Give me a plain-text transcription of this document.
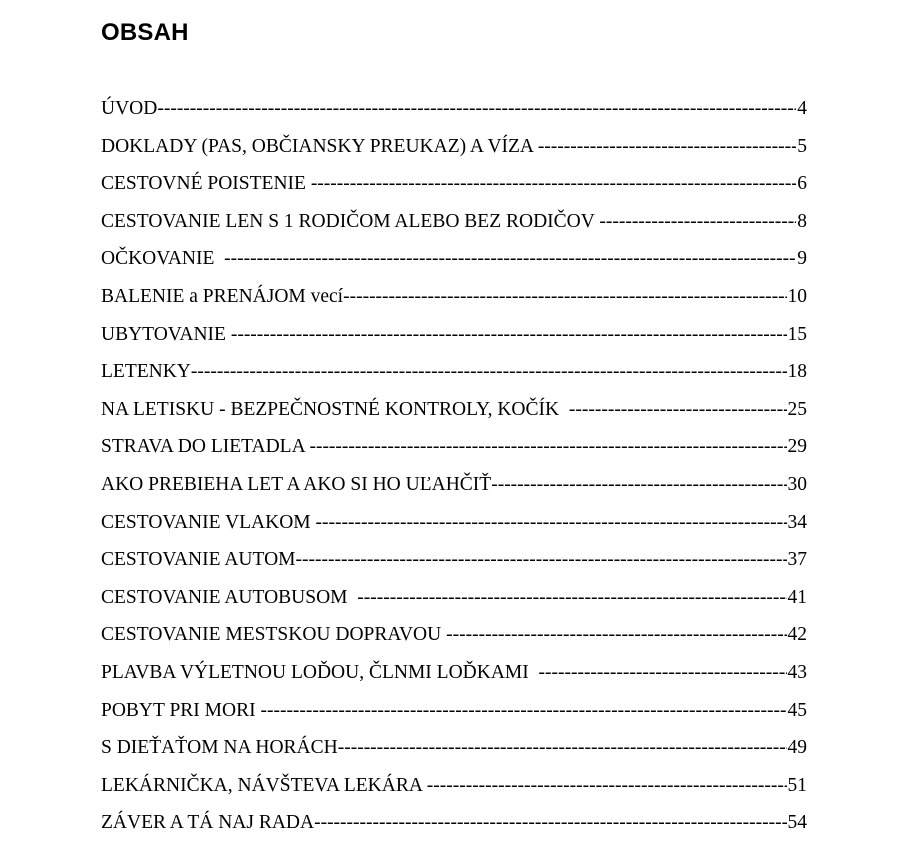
OBSAH
ÚVOD -----	4
DOKLADY (PAS, OBČIANSKY PREUKAZ) A VÍZA -----	5
CESTOVNÉ POISTENIE -----	6
CESTOVANIE LEN S 1 RODIČOM ALEBO BEZ RODIČOV -----	8
OČKOVANIE -----	9
BALENIE a PRENÁJOM vecí -----	10
UBYTOVANIE -----	15
LETENKY -----	18
NA LETISKU - BEZPEČNOSTNÉ KONTROLY, KOČÍK -----	25
STRAVA DO LIETADLA -----	29
AKO PREBIEHA LET A AKO SI HO UĽAHČIŤ -----	30
CESTOVANIE VLAKOM -----	34
CESTOVANIE AUTOM -----	37
CESTOVANIE AUTOBUSOM -----	41
CESTOVANIE MESTSKOU DOPRAVOU -----	42
PLAVBA VÝLETNOU LOĎOU, ČLNMI LOĎKAMI -----	43
POBYT PRI MORI -----	45
S DIEŤAŤOM NA HORÁCH -----	49
LEKÁRNIČKA, NÁVŠTEVA LEKÁRA -----	51
ZÁVER A TÁ NAJ RADA -----	54
